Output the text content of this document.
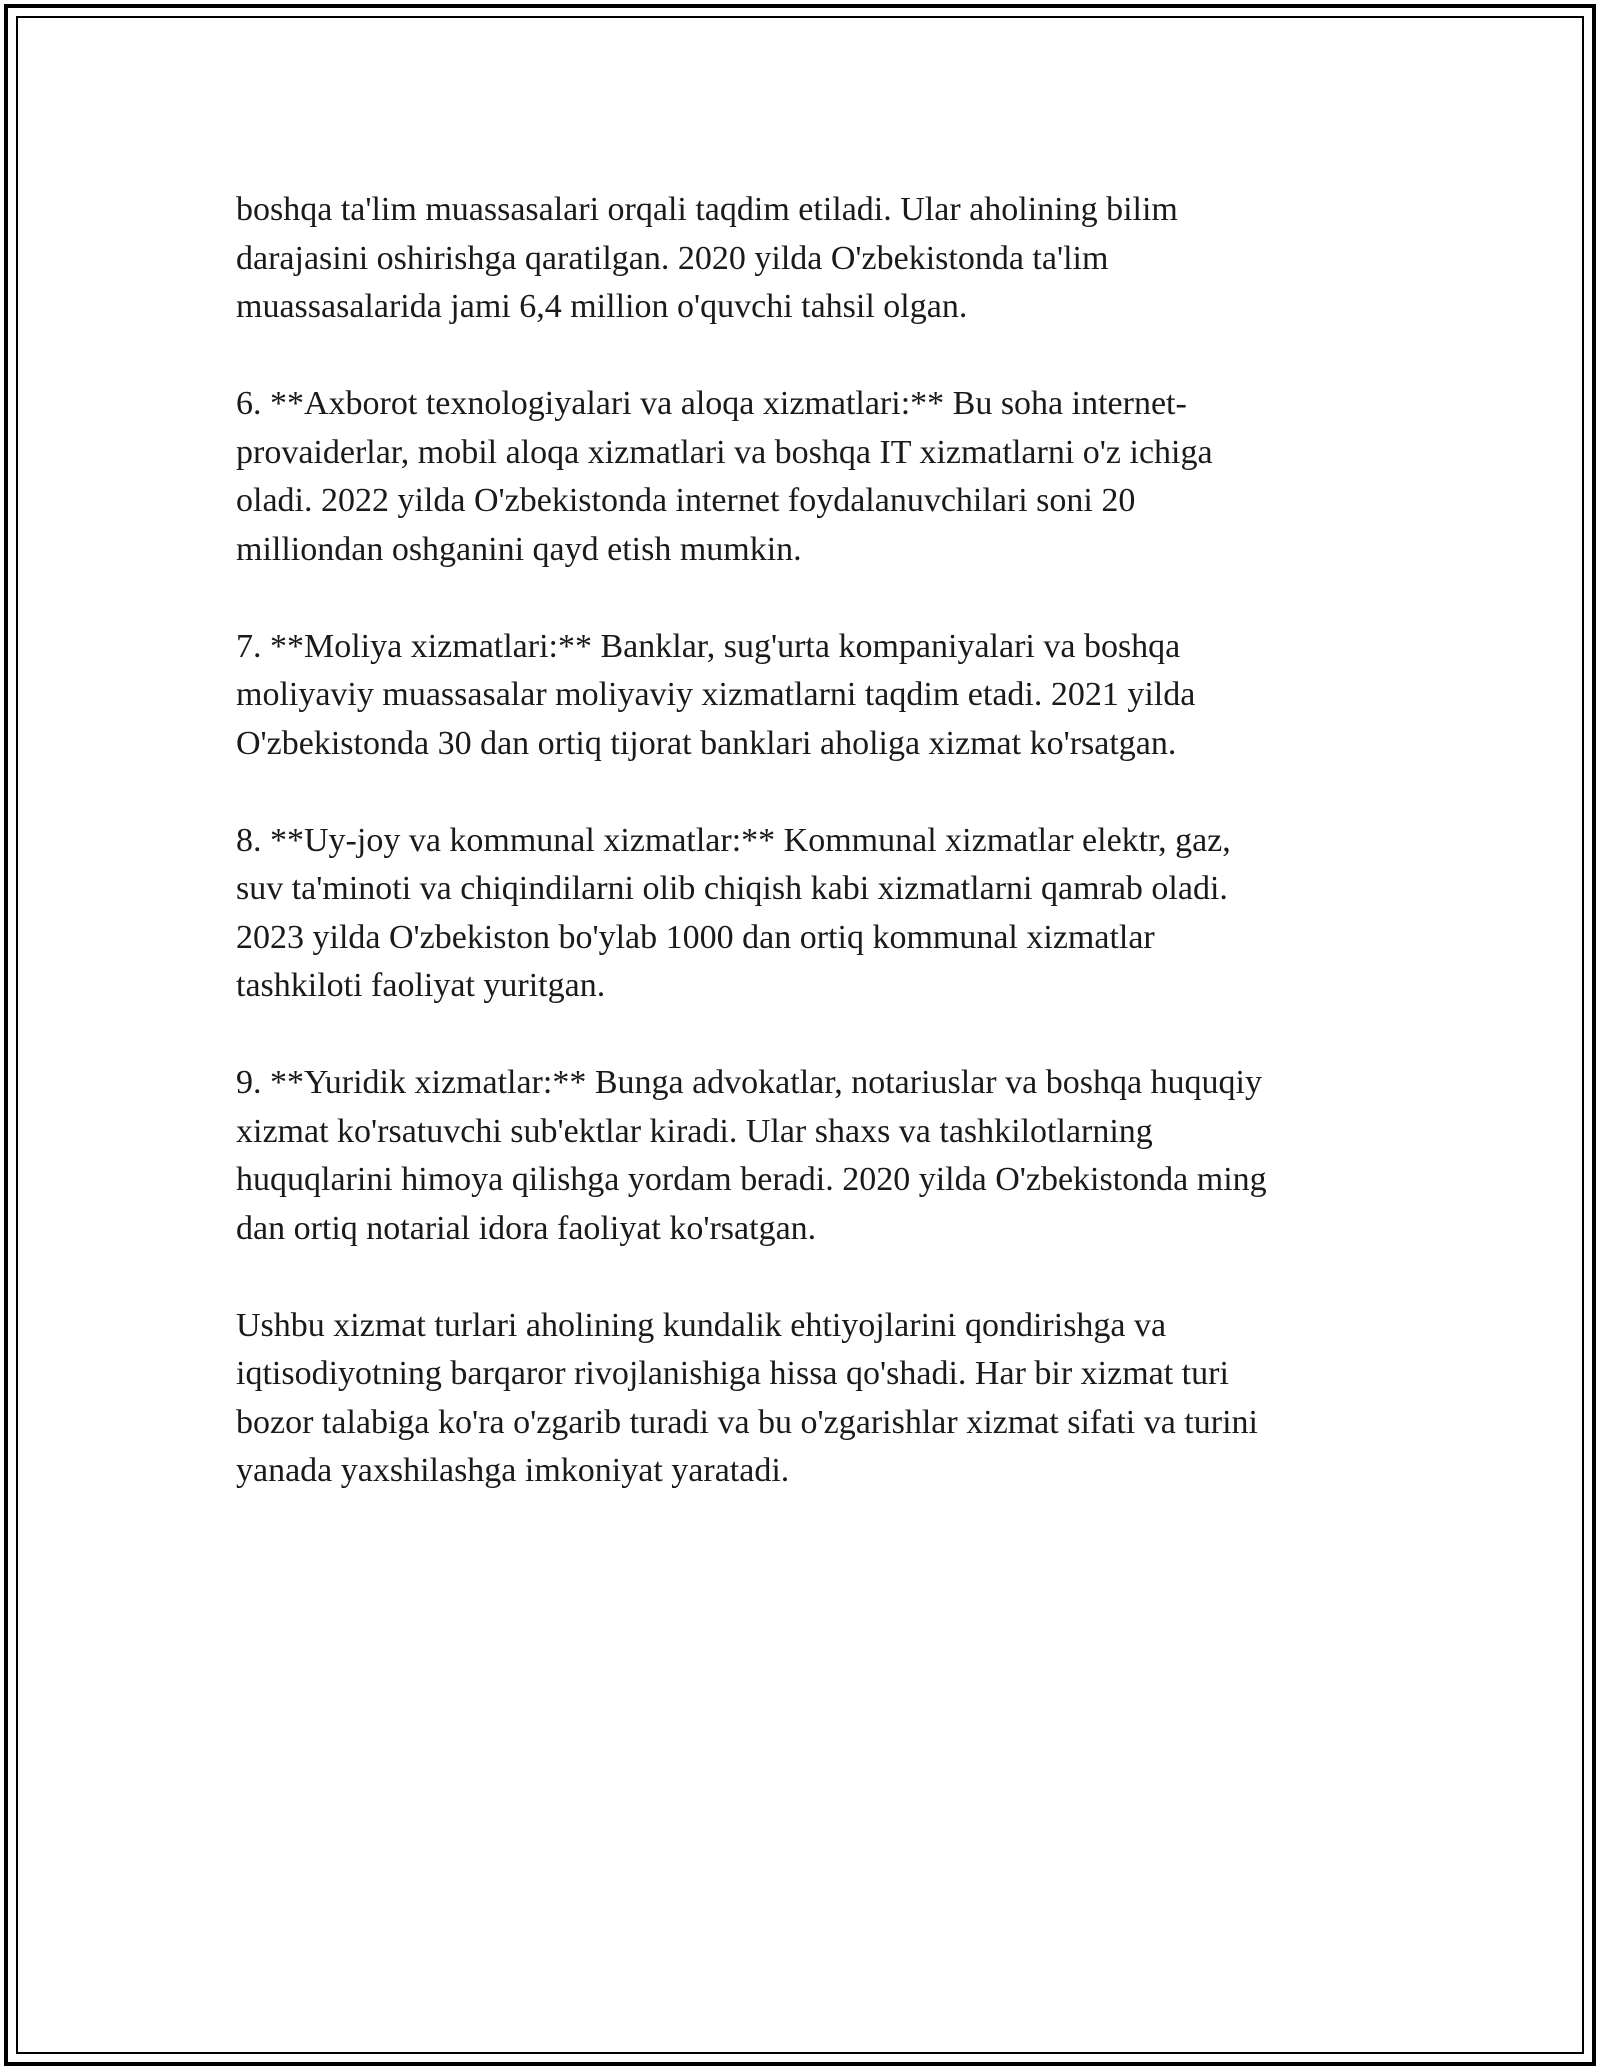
boshqa ta'lim muassasalari orqali taqdim etiladi. Ular aholining bilim
darajasini oshirishga qaratilgan. 2020 yilda O'zbekistonda ta'lim
muassasalarida jami 6,4 million o'quvchi tahsil olgan.

6. **Axborot texnologiyalari va aloqa xizmatlari:** Bu soha internet-
provaiderlar, mobil aloqa xizmatlari va boshqa IT xizmatlarni o'z ichiga
oladi. 2022 yilda O'zbekistonda internet foydalanuvchilari soni 20
milliondan oshganini qayd etish mumkin.

7. **Moliya xizmatlari:** Banklar, sug'urta kompaniyalari va boshqa
moliyaviy muassasalar moliyaviy xizmatlarni taqdim etadi. 2021 yilda
O'zbekistonda 30 dan ortiq tijorat banklari aholiga xizmat ko'rsatgan.

8. **Uy-joy va kommunal xizmatlar:** Kommunal xizmatlar elektr, gaz,
suv ta'minoti va chiqindilarni olib chiqish kabi xizmatlarni qamrab oladi.
2023 yilda O'zbekiston bo'ylab 1000 dan ortiq kommunal xizmatlar
tashkiloti faoliyat yuritgan.

9. **Yuridik xizmatlar:** Bunga advokatlar, notariuslar va boshqa huquqiy
xizmat ko'rsatuvchi sub'ektlar kiradi. Ular shaxs va tashkilotlarning
huquqlarini himoya qilishga yordam beradi. 2020 yilda O'zbekistonda ming
dan ortiq notarial idora faoliyat ko'rsatgan.

Ushbu xizmat turlari aholining kundalik ehtiyojlarini qondirishga va
iqtisodiyotning barqaror rivojlanishiga hissa qo'shadi. Har bir xizmat turi
bozor talabiga ko'ra o'zgarib turadi va bu o'zgarishlar xizmat sifati va turini
yanada yaxshilashga imkoniyat yaratadi.
